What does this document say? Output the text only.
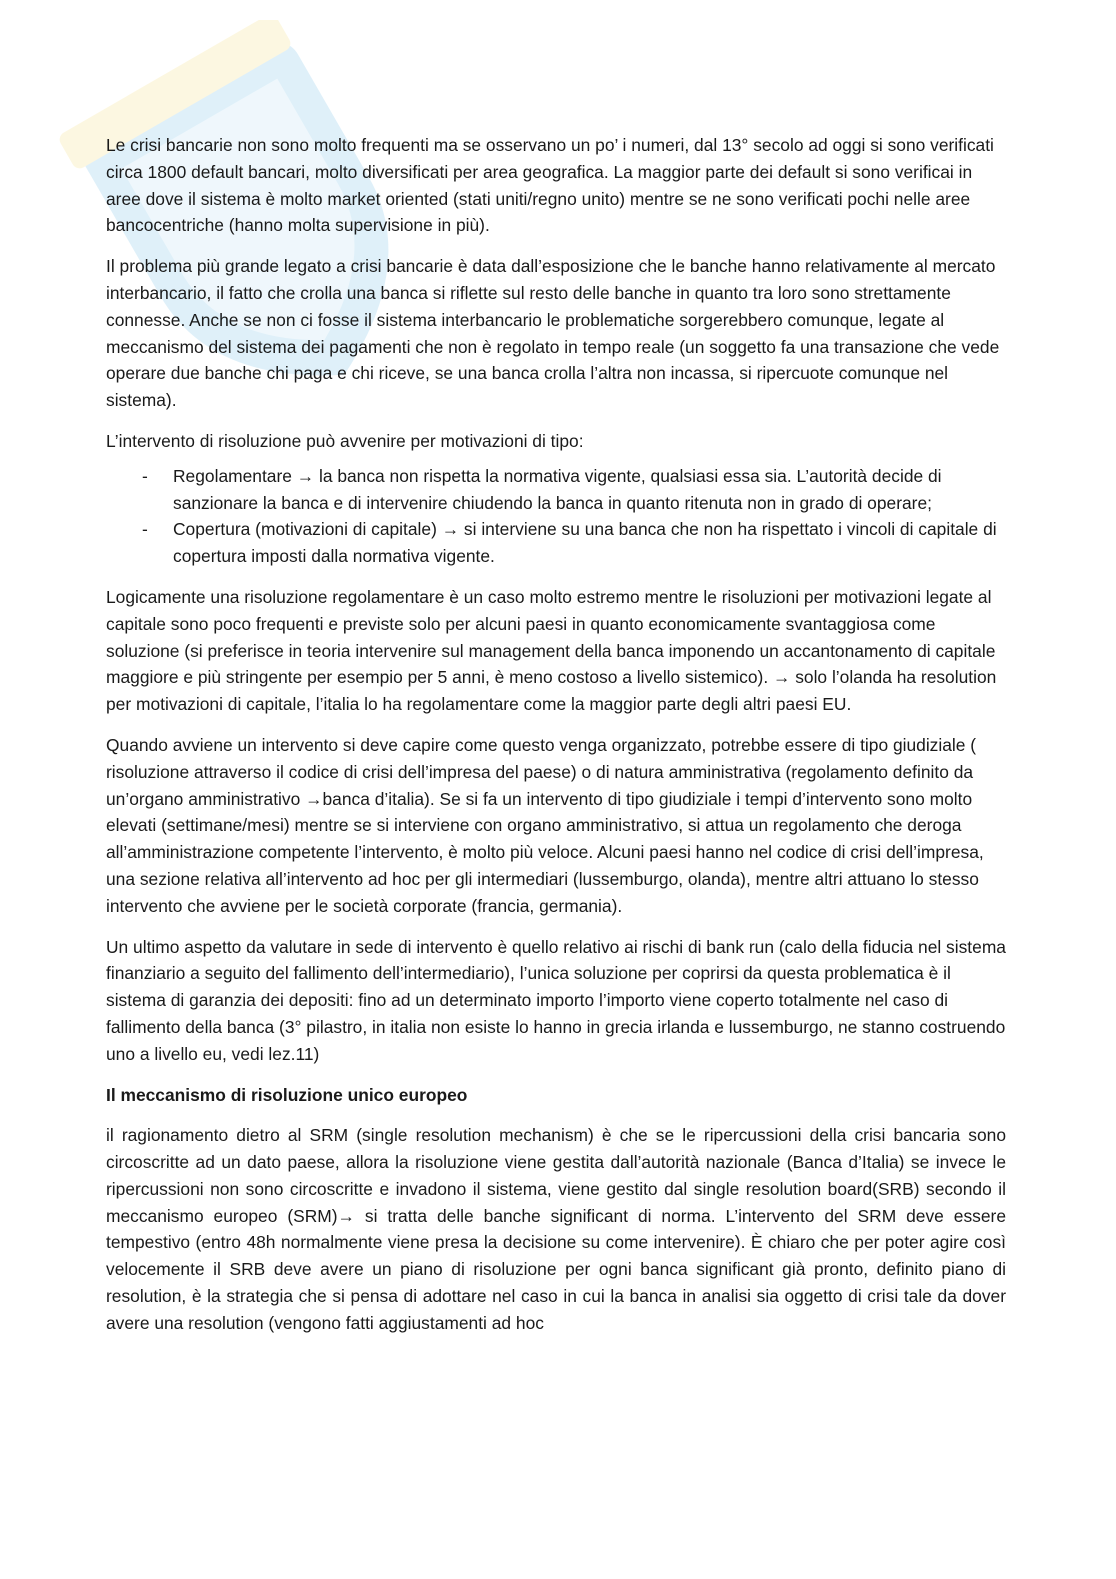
Le crisi bancarie non sono molto frequenti ma se osservano un po’ i numeri, dal 13° secolo ad oggi si sono verificati circa 1800 default bancari, molto diversificati per area geografica. La maggior parte dei default si sono verificai in aree dove il sistema è molto market oriented (stati uniti/regno unito) mentre se ne sono verificati pochi nelle aree bancocentriche (hanno molta supervisione in più).

Il problema più grande legato a crisi bancarie è data dall’esposizione che le banche hanno relativamente al mercato interbancario, il fatto che crolla una banca si riflette sul resto delle banche in quanto tra loro sono strettamente connesse. Anche se non ci fosse il sistema interbancario le problematiche sorgerebbero comunque, legate al meccanismo del sistema dei pagamenti che non è regolato in tempo reale (un soggetto fa una transazione che vede operare due banche chi paga e chi riceve, se una banca crolla l’altra non incassa, si ripercuote comunque nel sistema).

L’intervento di risoluzione può avvenire per motivazioni di tipo:

- Regolamentare → la banca non rispetta la normativa vigente, qualsiasi essa sia. L’autorità decide di sanzionare la banca e di intervenire chiudendo la banca in quanto ritenuta non in grado di operare;
- Copertura (motivazioni di capitale) → si interviene su una banca che non ha rispettato i vincoli di capitale di copertura imposti dalla normativa vigente.

Logicamente una risoluzione regolamentare è un caso molto estremo mentre le risoluzioni per motivazioni legate al capitale sono poco frequenti e previste solo per alcuni paesi in quanto economicamente svantaggiosa come soluzione (si preferisce in teoria intervenire sul management della banca imponendo un accantonamento di capitale maggiore e più stringente per esempio per 5 anni, è meno costoso a livello sistemico). → solo l’olanda ha resolution per motivazioni di capitale, l’italia lo ha regolamentare come la maggior parte degli altri paesi EU.

Quando avviene un intervento si deve capire come questo venga organizzato, potrebbe essere di tipo giudiziale ( risoluzione attraverso il codice di crisi dell’impresa del paese) o di natura amministrativa (regolamento definito da un’organo amministrativo →banca d’italia). Se si fa un intervento di tipo giudiziale i tempi d’intervento sono molto elevati (settimane/mesi) mentre se si interviene con organo amministrativo, si attua un regolamento che deroga all’amministrazione competente l’intervento, è molto più veloce. Alcuni paesi hanno nel codice di crisi dell’impresa, una sezione relativa all’intervento ad hoc per gli intermediari (lussemburgo, olanda), mentre altri attuano lo stesso intervento che avviene per le società corporate (francia, germania).

Un ultimo aspetto da valutare in sede di intervento è quello relativo ai rischi di bank run (calo della fiducia nel sistema finanziario a seguito del fallimento dell’intermediario), l’unica soluzione per coprirsi da questa problematica è il sistema di garanzia dei depositi: fino ad un determinato importo l’importo viene coperto totalmente nel caso di fallimento della banca (3° pilastro, in italia non esiste lo hanno in grecia irlanda e lussemburgo, ne stanno costruendo uno a livello eu, vedi lez.11)

Il meccanismo di risoluzione unico europeo

il ragionamento dietro al SRM (single resolution mechanism) è che se le ripercussioni della crisi bancaria sono circoscritte ad un dato paese, allora la risoluzione viene gestita dall’autorità nazionale (Banca d’Italia) se invece le ripercussioni non sono circoscritte e invadono il sistema, viene gestito dal single resolution board(SRB) secondo il meccanismo europeo (SRM)→ si tratta delle banche significant di norma. L’intervento del SRM deve essere tempestivo (entro 48h normalmente viene presa la decisione su come intervenire). È chiaro che per poter agire così velocemente il SRB deve avere un piano di risoluzione per ogni banca significant già pronto, definito piano di resolution, è la strategia che si pensa di adottare nel caso in cui la banca in analisi sia oggetto di crisi tale da dover avere una resolution (vengono fatti aggiustamenti ad hoc
